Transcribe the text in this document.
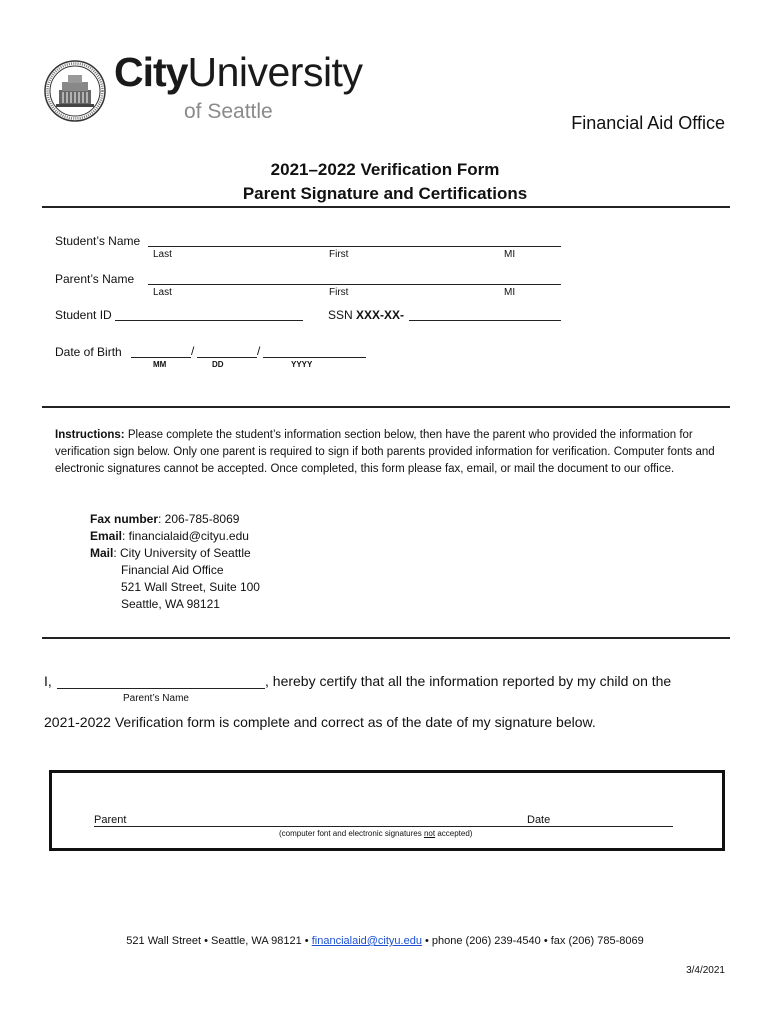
CityUniversity
of Seattle	Financial Aid Office
2021–2022 Verification Form
Parent Signature and Certifications
Student’s Name
Last	First	MI
Parent’s Name
Last	First	MI
Student ID	SSN XXX-XX-
Date of Birth	/	/
MM	DD	YYYY
Instructions: Please complete the student’s information section below, then have the parent who provided the information for verification sign below. Only one parent is required to sign if both parents provided information for verification. Computer fonts and electronic signatures cannot be accepted. Once completed, this form please fax, email, or mail the document to our office.
Fax number: 206-785-8069
Email: financialaid@cityu.edu
Mail: City University of Seattle
Financial Aid Office
521 Wall Street, Suite 100
Seattle, WA 98121
I,	, hereby certify that all the information reported by my child on the
Parent’s Name
2021-2022 Verification form is complete and correct as of the date of my signature below.
Parent	Date
(computer font and electronic signatures not accepted)
521 Wall Street • Seattle, WA 98121 • financialaid@cityu.edu • phone (206) 239-4540 • fax (206) 785-8069
3/4/2021
